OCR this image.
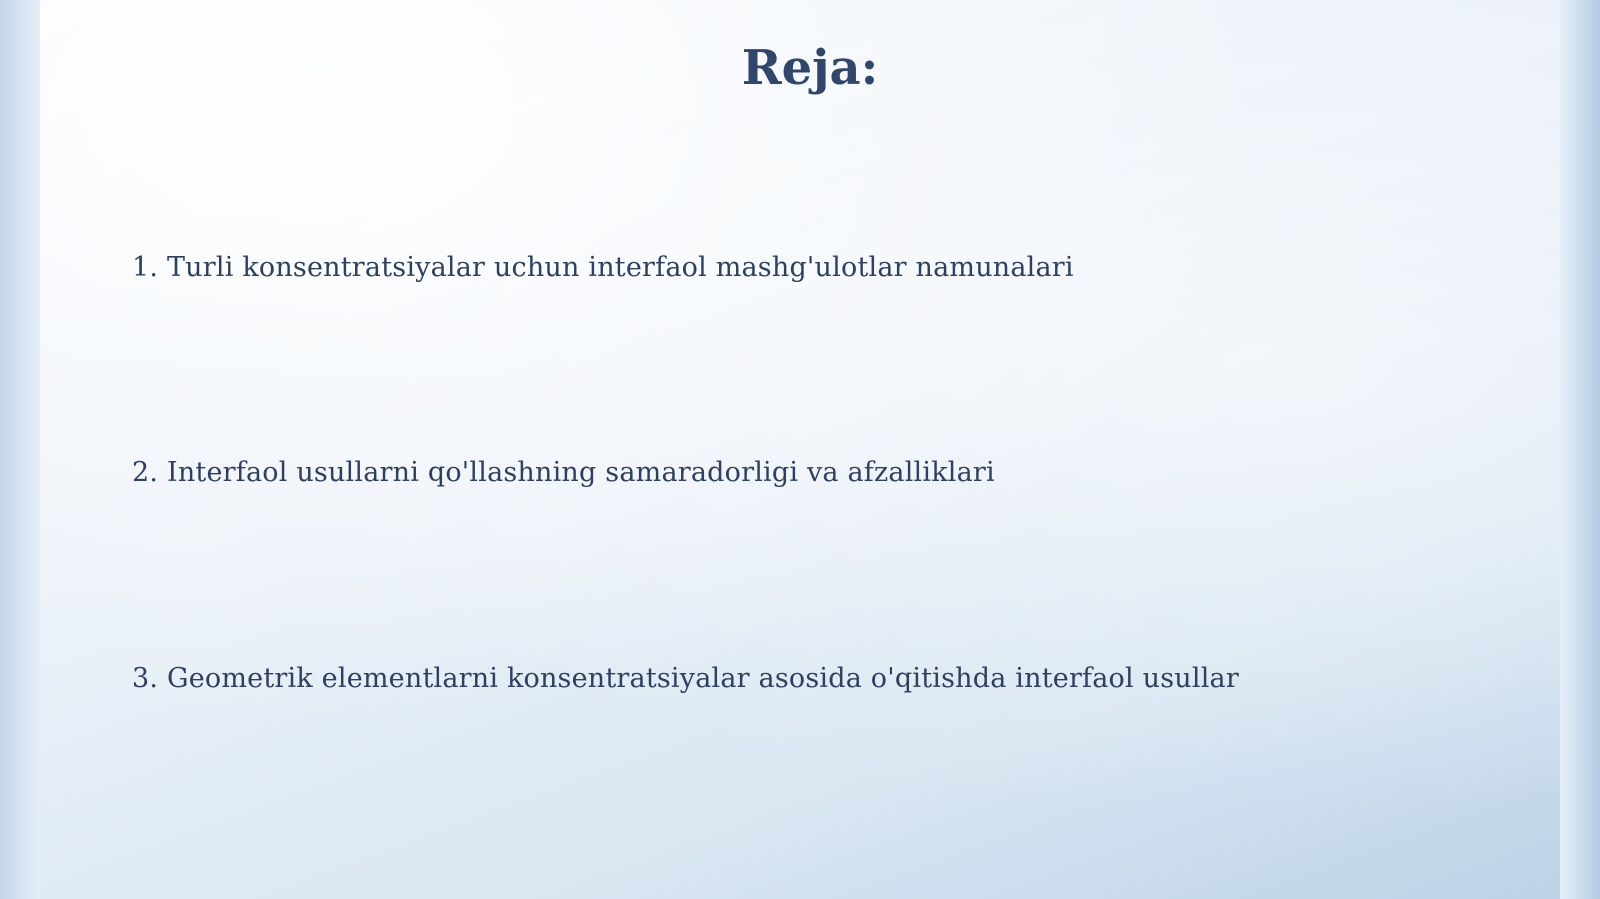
Reja:

1. Turli konsentratsiyalar uchun interfaol mashg'ulotlar namunalari

2. Interfaol usullarni qo'llashning samaradorligi va afzalliklari

3. Geometrik elementlarni konsentratsiyalar asosida o'qitishda interfaol usullar
